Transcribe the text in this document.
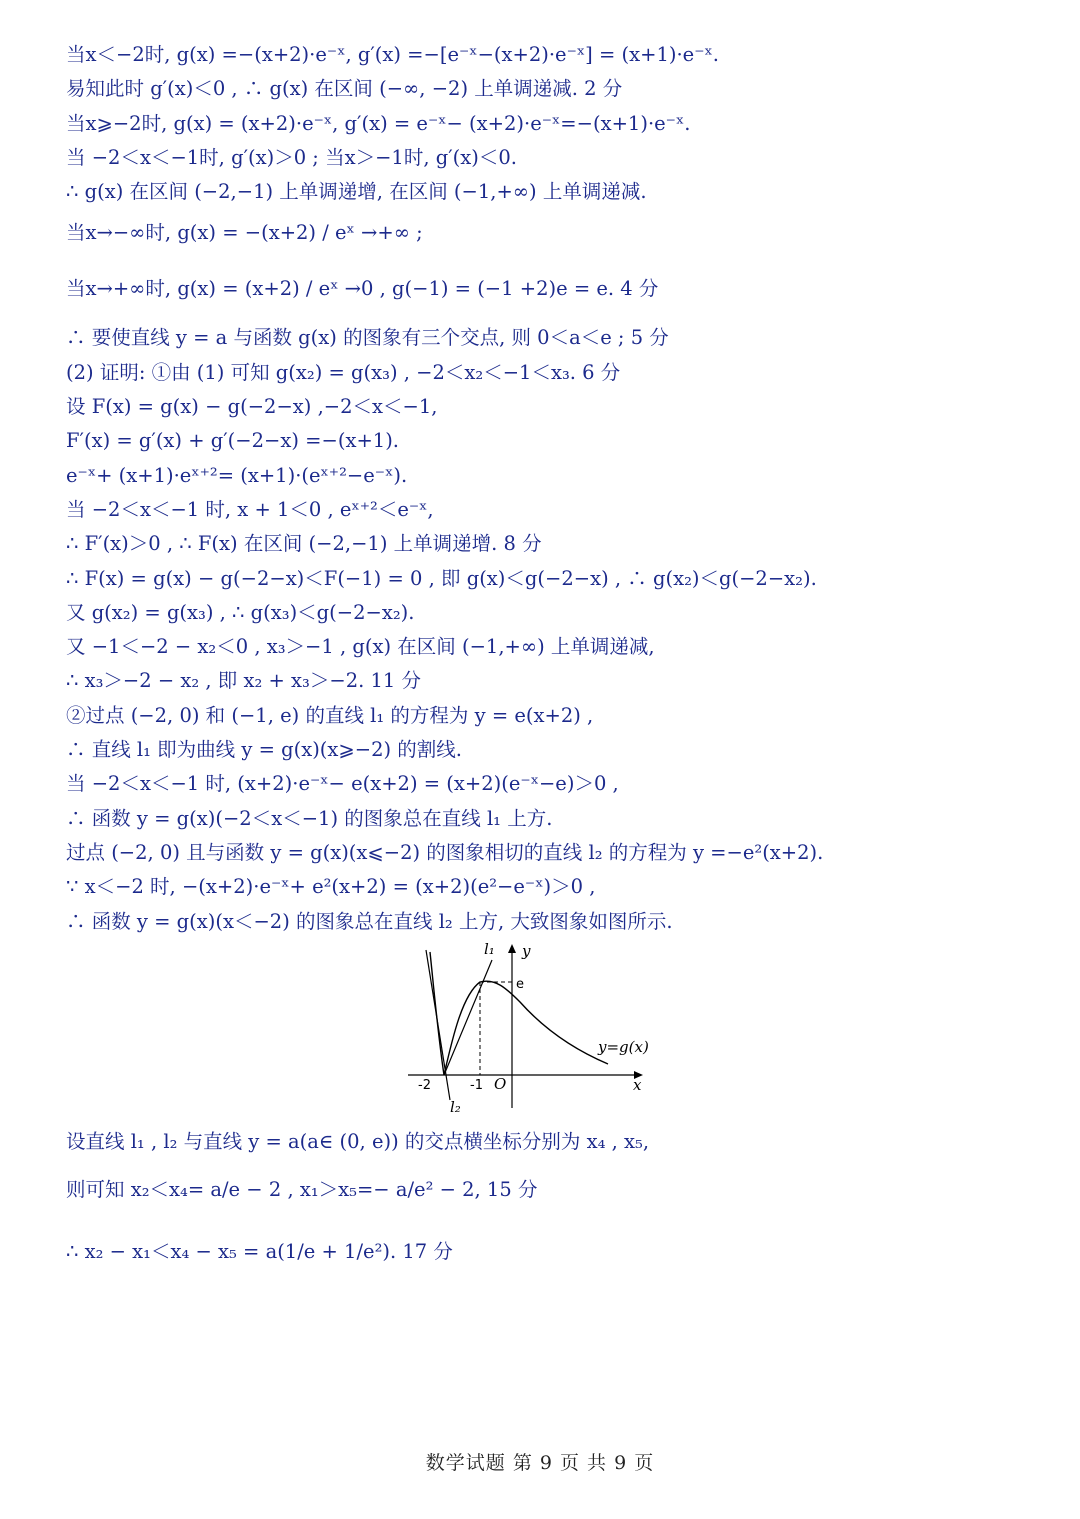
当x＜−2时, g(x) =−(x+2)·e⁻ˣ, g′(x) =−[e⁻ˣ−(x+2)·e⁻ˣ] = (x+1)·e⁻ˣ.
易知此时 g′(x)＜0 , ∴ g(x) 在区间 (−∞, −2) 上单调递减. 2 分
当x⩾−2时, g(x) = (x+2)·e⁻ˣ, g′(x) = e⁻ˣ− (x+2)·e⁻ˣ=−(x+1)·e⁻ˣ.
当 −2＜x＜−1时, g′(x)＞0 ; 当x＞−1时, g′(x)＜0.
∴ g(x) 在区间 (−2,−1) 上单调递增, 在区间 (−1,+∞) 上单调递减.
当x→−∞时, g(x) = −(x+2) / eˣ →+∞ ;
当x→+∞时, g(x) = (x+2) / eˣ →0 , g(−1) = (−1 +2)e = e. 4 分
∴ 要使直线 y = a 与函数 g(x) 的图象有三个交点, 则 0＜a＜e ; 5 分
(2) 证明: ①由 (1) 可知 g(x₂) = g(x₃) , −2＜x₂＜−1＜x₃. 6 分
设 F(x) = g(x) − g(−2−x) ,−2＜x＜−1,
F′(x) = g′(x) + g′(−2−x) =−(x+1).
e⁻ˣ+ (x+1)·eˣ⁺²= (x+1)·(eˣ⁺²−e⁻ˣ).
当 −2＜x＜−1 时, x + 1＜0 , eˣ⁺²＜e⁻ˣ,
∴ F′(x)＞0 , ∴ F(x) 在区间 (−2,−1) 上单调递增. 8 分
∴ F(x) = g(x) − g(−2−x)＜F(−1) = 0 , 即 g(x)＜g(−2−x) , ∴ g(x₂)＜g(−2−x₂).
又 g(x₂) = g(x₃) , ∴ g(x₃)＜g(−2−x₂).
又 −1＜−2 − x₂＜0 , x₃＞−1 , g(x) 在区间 (−1,+∞) 上单调递减,
∴ x₃＞−2 − x₂ , 即 x₂ + x₃＞−2. 11 分
②过点 (−2, 0) 和 (−1, e) 的直线 l₁ 的方程为 y = e(x+2) ,
∴ 直线 l₁ 即为曲线 y = g(x)(x⩾−2) 的割线.
当 −2＜x＜−1 时, (x+2)·e⁻ˣ− e(x+2) = (x+2)(e⁻ˣ−e)＞0 ,
∴ 函数 y = g(x)(−2＜x＜−1) 的图象总在直线 l₁ 上方.
过点 (−2, 0) 且与函数 y = g(x)(x⩽−2) 的图象相切的直线 l₂ 的方程为 y =−e²(x+2).
∵ x＜−2 时, −(x+2)·e⁻ˣ+ e²(x+2) = (x+2)(e²−e⁻ˣ)＞0 ,
∴ 函数 y = g(x)(x＜−2) 的图象总在直线 l₂ 上方, 大致图象如图所示.
l₁ y
e
y=g(x)
-2	-1 O	x
l₂
设直线 l₁ , l₂ 与直线 y = a(a∈ (0, e)) 的交点横坐标分别为 x₄ , x₅,
则可知 x₂＜x₄= a/e − 2 , x₁＞x₅=− a/e² − 2, 15 分
∴ x₂ − x₁＜x₄ − x₅ = a(1/e + 1/e²). 17 分
数学试题 第 9 页 共 9 页
